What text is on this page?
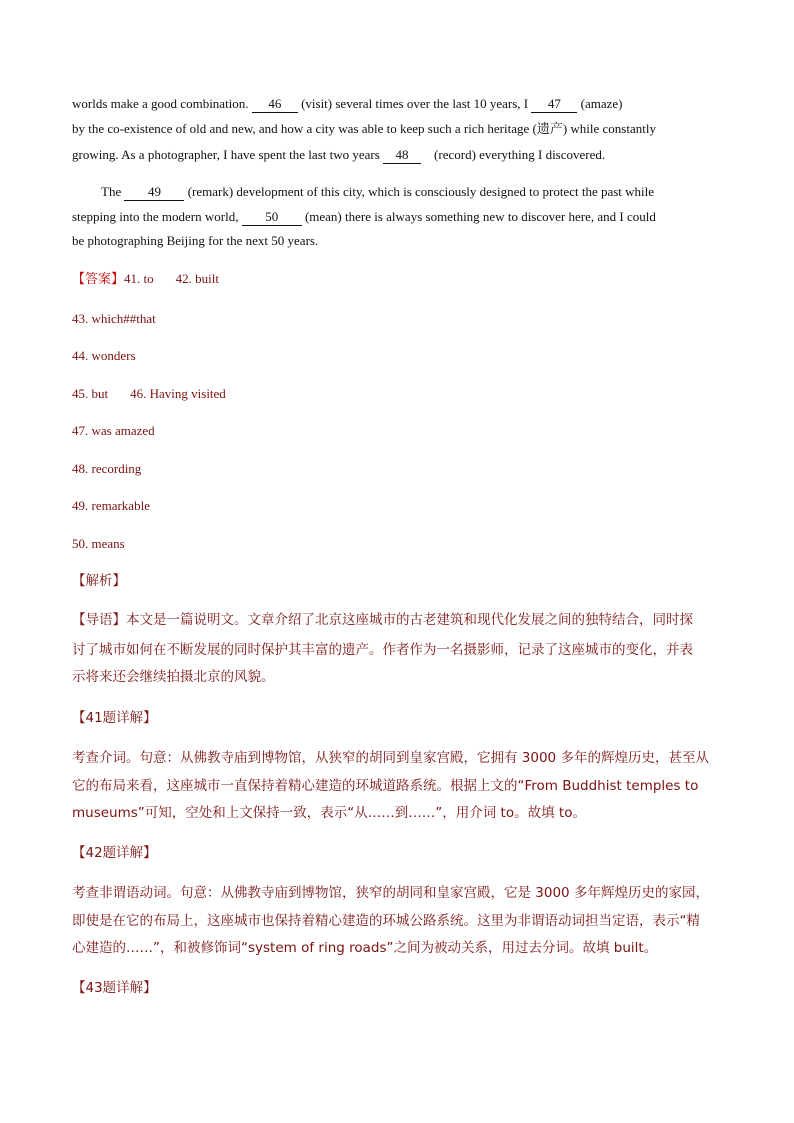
worlds make a good combination. 46 (visit) several times over the last 10 years, I 47 (amaze)
by the co-existence of old and new, and how a city was able to keep such a rich heritage (遗产) while constantly
growing. As a photographer, I have spent the last two years 48    (record) everything I discovered.
The 49 (remark) development of this city, which is consciously designed to protect the past while
stepping into the modern world, 50 (mean) there is always something new to discover here, and I could
be photographing Beijing for the next 50 years.
【答案】41. to 42. built
43. which##that
44. wonders
45. but 46. Having visited
47. was amazed
48. recording
49. remarkable
50. means
【解析】
【导语】本文是一篇说明文。文章介绍了北京这座城市的古老建筑和现代化发展之间的独特结合，同时探
讨了城市如何在不断发展的同时保护其丰富的遗产。作者作为一名摄影师，记录了这座城市的变化，并表
示将来还会继续拍摄北京的风貌。
【41题详解】
考查介词。句意：从佛教寺庙到博物馆，从狭窄的胡同到皇家宫殿，它拥有 3000 多年的辉煌历史，甚至从
它的布局来看，这座城市一直保持着精心建造的环城道路系统。根据上文的“From Buddhist temples to
museums”可知，空处和上文保持一致，表示“从……到……”，用介词 to。故填 to。
【42题详解】
考查非谓语动词。句意：从佛教寺庙到博物馆，狭窄的胡同和皇家宫殿，它是 3000 多年辉煌历史的家园，
即使是在它的布局上，这座城市也保持着精心建造的环城公路系统。这里为非谓语动词担当定语，表示“精
心建造的……”，和被修饰词“system of ring roads”之间为被动关系，用过去分词。故填 built。
【43题详解】
